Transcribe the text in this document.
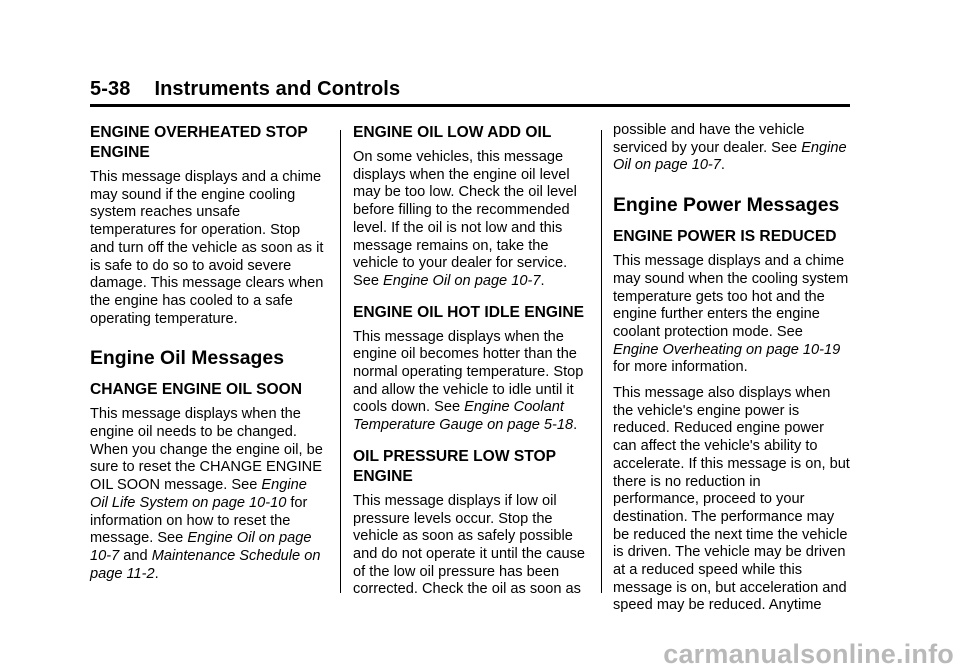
5-38 Instruments and Controls
ENGINE OVERHEATED STOP ENGINE

This message displays and a chime may sound if the engine cooling system reaches unsafe temperatures for operation. Stop and turn off the vehicle as soon as it is safe to do so to avoid severe damage. This message clears when the engine has cooled to a safe operating temperature.

Engine Oil Messages
CHANGE ENGINE OIL SOON

This message displays when the engine oil needs to be changed. When you change the engine oil, be sure to reset the CHANGE ENGINE OIL SOON message. See Engine Oil Life System on page 10-10 for information on how to reset the message. See Engine Oil on page 10-7 and Maintenance Schedule on page 11-2.

ENGINE OIL LOW ADD OIL

On some vehicles, this message displays when the engine oil level may be too low. Check the oil level before filling to the recommended level. If the oil is not low and this message remains on, take the vehicle to your dealer for service. See Engine Oil on page 10-7.

ENGINE OIL HOT IDLE ENGINE

This message displays when the engine oil becomes hotter than the normal operating temperature. Stop and allow the vehicle to idle until it cools down. See Engine Coolant Temperature Gauge on page 5-18.

OIL PRESSURE LOW STOP ENGINE

This message displays if low oil pressure levels occur. Stop the vehicle as soon as safely possible and do not operate it until the cause of the low oil pressure has been corrected. Check the oil as soon as

possible and have the vehicle serviced by your dealer. See Engine Oil on page 10-7.

Engine Power Messages
ENGINE POWER IS REDUCED

This message displays and a chime may sound when the cooling system temperature gets too hot and the engine further enters the engine coolant protection mode. See Engine Overheating on page 10-19 for more information.

This message also displays when the vehicle's engine power is reduced. Reduced engine power can affect the vehicle's ability to accelerate. If this message is on, but there is no reduction in performance, proceed to your destination. The performance may be reduced the next time the vehicle is driven. The vehicle may be driven at a reduced speed while this message is on, but acceleration and speed may be reduced. Anytime

carmanualsonline.info
